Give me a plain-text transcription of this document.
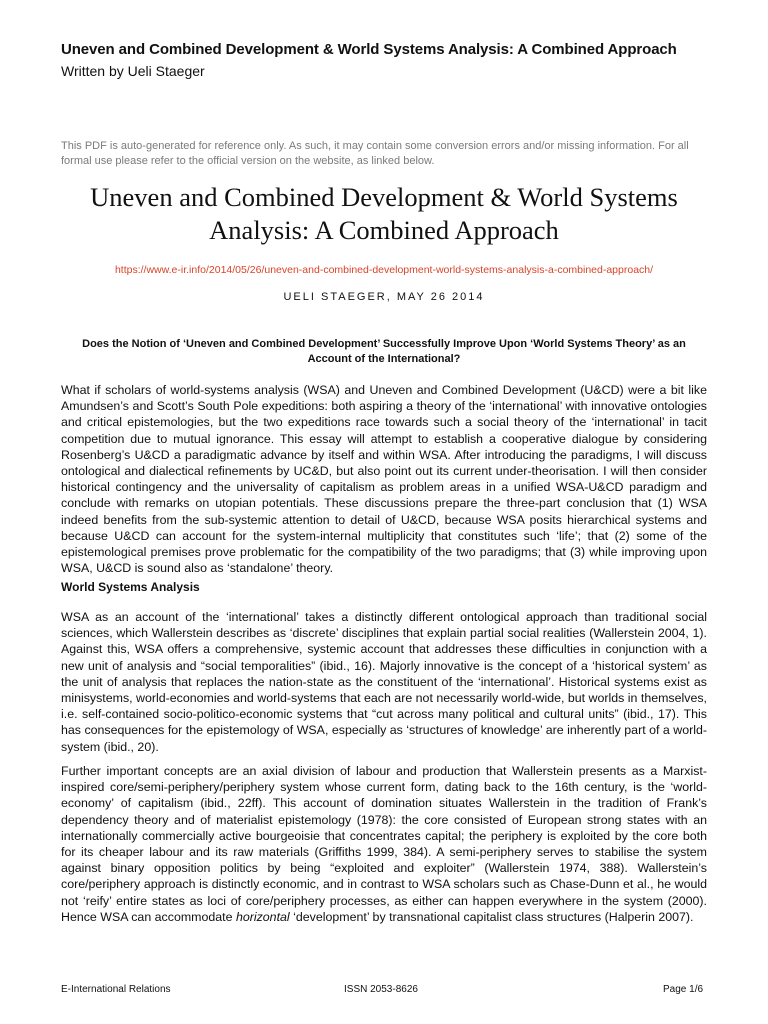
Uneven and Combined Development & World Systems Analysis: A Combined Approach
Written by Ueli Staeger
This PDF is auto-generated for reference only. As such, it may contain some conversion errors and/or missing information. For all formal use please refer to the official version on the website, as linked below.
Uneven and Combined Development & World Systems Analysis: A Combined Approach
https://www.e-ir.info/2014/05/26/uneven-and-combined-development-world-systems-analysis-a-combined-approach/
UELI STAEGER, MAY 26 2014
Does the Notion of ‘Uneven and Combined Development’ Successfully Improve Upon ‘World Systems Theory’ as an Account of the International?

What if scholars of world-systems analysis (WSA) and Uneven and Combined Development (U&CD) were a bit like Amundsen’s and Scott’s South Pole expeditions: both aspiring a theory of the ‘international’ with innovative ontologies and critical epistemologies, but the two expeditions race towards such a social theory of the ‘international’ in tacit competition due to mutual ignorance. This essay will attempt to establish a cooperative dialogue by considering Rosenberg’s U&CD a paradigmatic advance by itself and within WSA. After introducing the paradigms, I will discuss ontological and dialectical refinements by UC&D, but also point out its current under-theorisation. I will then consider historical contingency and the universality of capitalism as problem areas in a unified WSA-U&CD paradigm and conclude with remarks on utopian potentials. These discussions prepare the three-part conclusion that (1) WSA indeed benefits from the sub-systemic attention to detail of U&CD, because WSA posits hierarchical systems and because U&CD can account for the system-internal multiplicity that constitutes such ‘life’; that (2) some of the epistemological premises prove problematic for the compatibility of the two paradigms; that (3) while improving upon WSA, U&CD is sound also as ‘standalone’ theory.

World Systems Analysis

WSA as an account of the ‘international’ takes a distinctly different ontological approach than traditional social sciences, which Wallerstein describes as ‘discrete’ disciplines that explain partial social realities (Wallerstein 2004, 1). Against this, WSA offers a comprehensive, systemic account that addresses these difficulties in conjunction with a new unit of analysis and “social temporalities” (ibid., 16). Majorly innovative is the concept of a ‘historical system’ as the unit of analysis that replaces the nation-state as the constituent of the ‘international’. Historical systems exist as minisystems, world-economies and world-systems that each are not necessarily world-wide, but worlds in themselves, i.e. self-contained socio-politico-economic systems that “cut across many political and cultural units” (ibid., 17). This has consequences for the epistemology of WSA, especially as ‘structures of knowledge’ are inherently part of a world-system (ibid., 20).

Further important concepts are an axial division of labour and production that Wallerstein presents as a Marxist-inspired core/semi-periphery/periphery system whose current form, dating back to the 16th century, is the ‘world-economy’ of capitalism (ibid., 22ff). This account of domination situates Wallerstein in the tradition of Frank’s dependency theory and of materialist epistemology (1978): the core consisted of European strong states with an internationally commercially active bourgeoisie that concentrates capital; the periphery is exploited by the core both for its cheaper labour and its raw materials (Griffiths 1999, 384). A semi-periphery serves to stabilise the system against binary opposition politics by being “exploited and exploiter” (Wallerstein 1974, 388). Wallerstein’s core/periphery approach is distinctly economic, and in contrast to WSA scholars such as Chase-Dunn et al., he would not ‘reify’ entire states as loci of core/periphery processes, as either can happen everywhere in the system (2000). Hence WSA can accommodate horizontal ‘development’ by transnational capitalist class structures (Halperin 2007).

E-International Relations	ISSN 2053-8626	Page 1/6
